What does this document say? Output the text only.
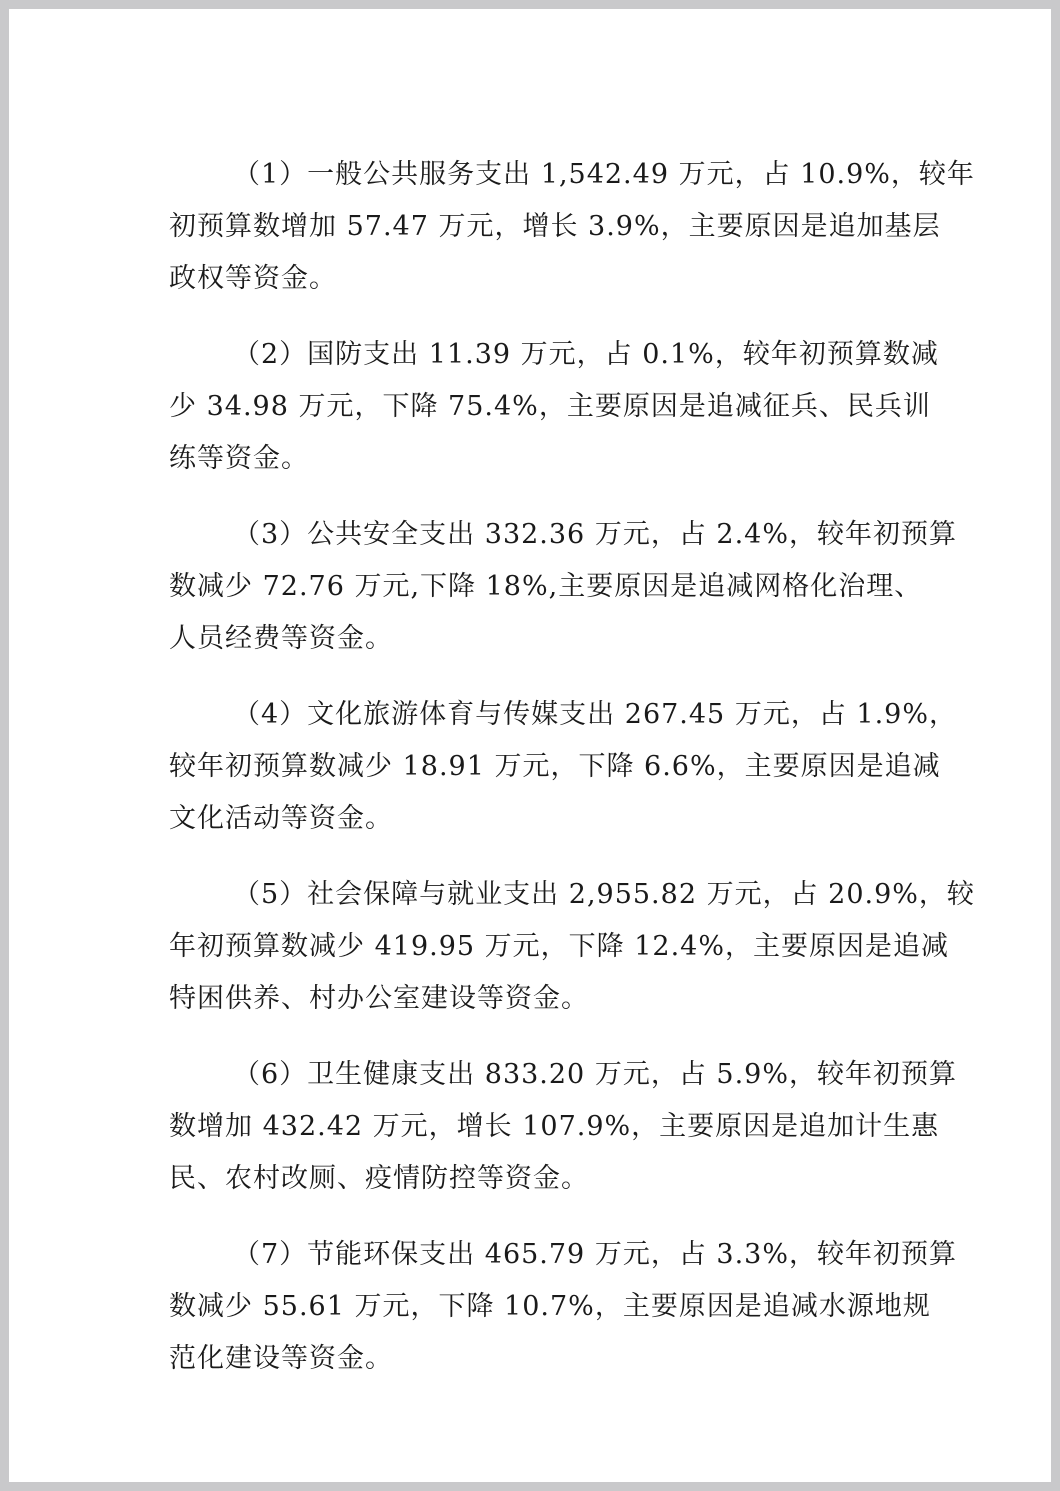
（1）一般公共服务支出 1,542.49 万元，占 10.9%，较年
初预算数增加 57.47 万元，增长 3.9%，主要原因是追加基层
政权等资金。
（2）国防支出 11.39 万元，占 0.1%，较年初预算数减
少 34.98 万元，下降 75.4%，主要原因是追减征兵、民兵训
练等资金。
（3）公共安全支出 332.36 万元，占 2.4%，较年初预算
数减少 72.76 万元,下降 18%,主要原因是追减网格化治理、
人员经费等资金。
（4）文化旅游体育与传媒支出 267.45 万元，占 1.9%，
较年初预算数减少 18.91 万元，下降 6.6%，主要原因是追减
文化活动等资金。
（5）社会保障与就业支出 2,955.82 万元，占 20.9%，较
年初预算数减少 419.95 万元，下降 12.4%，主要原因是追减
特困供养、村办公室建设等资金。
（6）卫生健康支出 833.20 万元，占 5.9%，较年初预算
数增加 432.42 万元，增长 107.9%，主要原因是追加计生惠
民、农村改厕、疫情防控等资金。
（7）节能环保支出 465.79 万元，占 3.3%，较年初预算
数减少 55.61 万元，下降 10.7%，主要原因是追减水源地规
范化建设等资金。
